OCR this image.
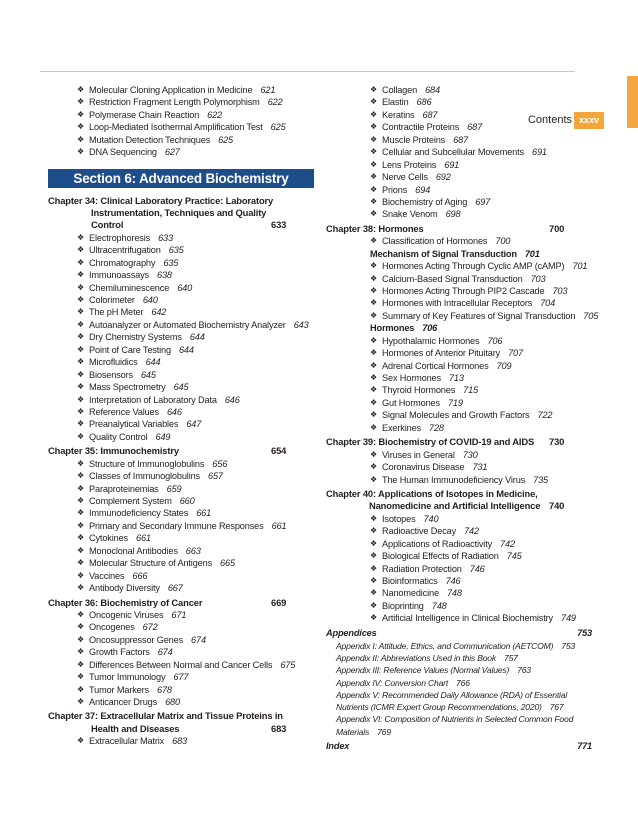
Contents xxxv
❖ Molecular Cloning Application in Medicine 621
❖ Restriction Fragment Length Polymorphism 622
❖ Polymerase Chain Reaction 622
❖ Loop-Mediated Isothermal Amplification Test 625
❖ Mutation Detection Techniques 625
❖ DNA Sequencing 627
Section 6: Advanced Biochemistry
Chapter 34: Clinical Laboratory Practice: Laboratory Instrumentation, Techniques and Quality Control	633
❖ Electrophoresis 633
❖ Ultracentrifugation 635
❖ Chromatography 635
❖ Immunoassays 638
❖ Chemiluminescence 640
❖ Colorimeter 640
❖ The pH Meter 642
❖ Autoanalyzer or Automated Biochemistry Analyzer 643
❖ Dry Chemistry Systems 644
❖ Point of Care Testing 644
❖ Microfluidics 644
❖ Biosensors 645
❖ Mass Spectrometry 645
❖ Interpretation of Laboratory Data 646
❖ Reference Values 646
❖ Preanalytical Variables 647
❖ Quality Control 649
Chapter 35: Immunochemistry	654
❖ Structure of Immunoglobulins 656
❖ Classes of Immunoglobulins 657
❖ Paraproteinemias 659
❖ Complement System 660
❖ Immunodeficiency States 661
❖ Primary and Secondary Immune Responses 661
❖ Cytokines 661
❖ Monoclonal Antibodies 663
❖ Molecular Structure of Antigens 665
❖ Vaccines 666
❖ Antibody Diversity 667
Chapter 36: Biochemistry of Cancer	669
❖ Oncogenic Viruses 671
❖ Oncogenes 672
❖ Oncosuppressor Genes 674
❖ Growth Factors 674
❖ Differences Between Normal and Cancer Cells 675
❖ Tumor Immunology 677
❖ Tumor Markers 678
❖ Anticancer Drugs 680
Chapter 37: Extracellular Matrix and Tissue Proteins in Health and Diseases	683
❖ Extracellular Matrix 683
❖ Collagen 684
❖ Elastin 686
❖ Keratins 687
❖ Contractile Proteins 687
❖ Muscle Proteins 687
❖ Cellular and Subcellular Movements 691
❖ Lens Proteins 691
❖ Nerve Cells 692
❖ Prions 694
❖ Biochemistry of Aging 697
❖ Snake Venom 698
Chapter 38: Hormones	700
❖ Classification of Hormones 700
Mechanism of Signal Transduction 701
❖ Hormones Acting Through Cyclic AMP (cAMP) 701
❖ Calcium-Based Signal Transduction 703
❖ Hormones Acting Through PIP2 Cascade 703
❖ Hormones with Intracellular Receptors 704
❖ Summary of Key Features of Signal Transduction 705
Hormones 706
❖ Hypothalamic Hormones 706
❖ Hormones of Anterior Pituitary 707
❖ Adrenal Cortical Hormones 709
❖ Sex Hormones 713
❖ Thyroid Hormones 715
❖ Gut Hormones 719
❖ Signal Molecules and Growth Factors 722
❖ Exerkines 728
Chapter 39: Biochemistry of COVID-19 and AIDS 730
❖ Viruses in General 730
❖ Coronavirus Disease 731
❖ The Human Immunodeficiency Virus 735
Chapter 40: Applications of Isotopes in Medicine, Nanomedicine and Artificial Intelligence 740
❖ Isotopes 740
❖ Radioactive Decay 742
❖ Applications of Radioactivity 742
❖ Biological Effects of Radiation 745
❖ Radiation Protection 746
❖ Bioinformatics 746
❖ Nanomedicine 748
❖ Bioprinting 748
❖ Artificial Intelligence in Clinical Biochemistry 749
Appendices	753
Appendix I: Attitude, Ethics, and Communication (AETCOM) 753
Appendix II: Abbreviations Used in this Book 757
Appendix III: Reference Values (Normal Values) 763
Appendix IV: Conversion Chart 766
Appendix V: Recommended Daily Allowance (RDA) of Essential Nutrients (ICMR Expert Group Recommendations, 2020) 767
Appendix VI: Composition of Nutrients in Selected Common Food Materials 769
Index	771
